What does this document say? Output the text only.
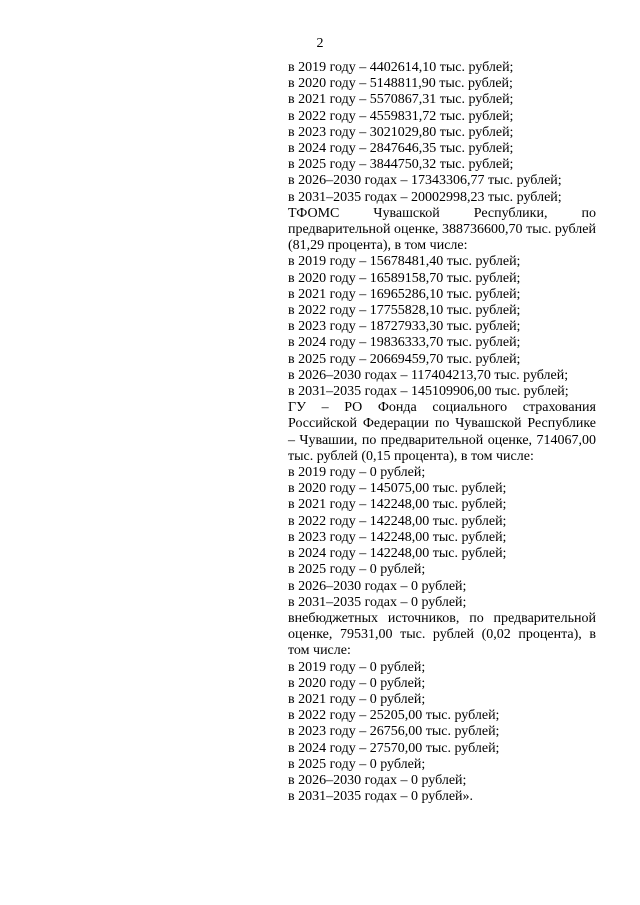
2
в 2019 году – 4402614,10 тыс. рублей;
в 2020 году – 5148811,90 тыс. рублей;
в 2021 году – 5570867,31 тыс. рублей;
в 2022 году – 4559831,72 тыс. рублей;
в 2023 году – 3021029,80 тыс. рублей;
в 2024 году – 2847646,35 тыс. рублей;
в 2025 году – 3844750,32 тыс. рублей;
в 2026–2030 годах – 17343306,77 тыс. рублей;
в 2031–2035 годах – 20002998,23 тыс. рублей;
ТФОМС Чувашской Республики, по предварительной оценке, 388736600,70 тыс. рублей (81,29 процента), в том числе:
в 2019 году – 15678481,40 тыс. рублей;
в 2020 году – 16589158,70 тыс. рублей;
в 2021 году – 16965286,10 тыс. рублей;
в 2022 году – 17755828,10 тыс. рублей;
в 2023 году – 18727933,30 тыс. рублей;
в 2024 году – 19836333,70 тыс. рублей;
в 2025 году – 20669459,70 тыс. рублей;
в 2026–2030 годах – 117404213,70 тыс. рублей;
в 2031–2035 годах – 145109906,00 тыс. рублей;
ГУ – РО Фонда социального страхования Российской Федерации по Чувашской Республике – Чувашии, по предварительной оценке, 714067,00 тыс. рублей (0,15 процента), в том числе:
в 2019 году – 0 рублей;
в 2020 году – 145075,00 тыс. рублей;
в 2021 году – 142248,00 тыс. рублей;
в 2022 году – 142248,00 тыс. рублей;
в 2023 году – 142248,00 тыс. рублей;
в 2024 году – 142248,00 тыс. рублей;
в 2025 году – 0 рублей;
в 2026–2030 годах – 0 рублей;
в 2031–2035 годах – 0 рублей;
внебюджетных источников, по предварительной оценке, 79531,00 тыс. рублей (0,02 процента), в том числе:
в 2019 году – 0 рублей;
в 2020 году – 0 рублей;
в 2021 году – 0 рублей;
в 2022 году – 25205,00 тыс. рублей;
в 2023 году – 26756,00 тыс. рублей;
в 2024 году – 27570,00 тыс. рублей;
в 2025 году – 0 рублей;
в 2026–2030 годах – 0 рублей;
в 2031–2035 годах – 0 рублей».
